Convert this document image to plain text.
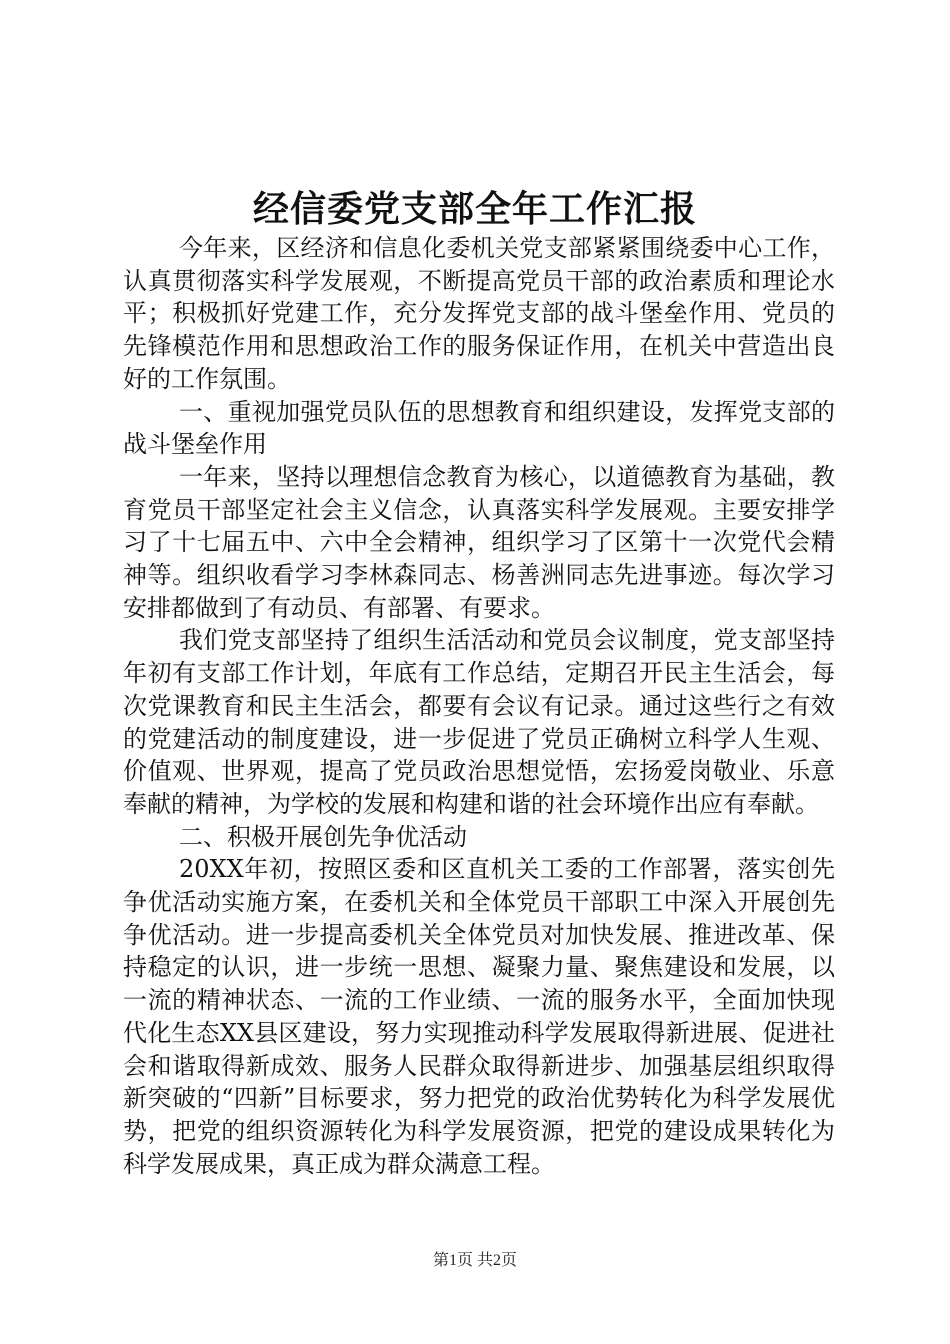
经信委党支部全年工作汇报

今年来，区经济和信息化委机关党支部紧紧围绕委中心工作，认真贯彻落实科学发展观，不断提高党员干部的政治素质和理论水平；积极抓好党建工作，充分发挥党支部的战斗堡垒作用、党员的先锋模范作用和思想政治工作的服务保证作用，在机关中营造出良好的工作氛围。

一、重视加强党员队伍的思想教育和组织建设，发挥党支部的战斗堡垒作用

一年来，坚持以理想信念教育为核心，以道德教育为基础，教育党员干部坚定社会主义信念，认真落实科学发展观。主要安排学习了十七届五中、六中全会精神，组织学习了区第十一次党代会精神等。组织收看学习李林森同志、杨善洲同志先进事迹。每次学习安排都做到了有动员、有部署、有要求。

我们党支部坚持了组织生活活动和党员会议制度，党支部坚持年初有支部工作计划，年底有工作总结，定期召开民主生活会，每次党课教育和民主生活会，都要有会议有记录。通过这些行之有效的党建活动的制度建设，进一步促进了党员正确树立科学人生观、价值观、世界观，提高了党员政治思想觉悟，宏扬爱岗敬业、乐意奉献的精神，为学校的发展和构建和谐的社会环境作出应有奉献。

二、积极开展创先争优活动

20XX年初，按照区委和区直机关工委的工作部署，落实创先争优活动实施方案，在委机关和全体党员干部职工中深入开展创先争优活动。进一步提高委机关全体党员对加快发展、推进改革、保持稳定的认识，进一步统一思想、凝聚力量、聚焦建设和发展，以一流的精神状态、一流的工作业绩、一流的服务水平，全面加快现代化生态XX县区建设，努力实现推动科学发展取得新进展、促进社会和谐取得新成效、服务人民群众取得新进步、加强基层组织取得新突破的“四新”目标要求，努力把党的政治优势转化为科学发展优势，把党的组织资源转化为科学发展资源，把党的建设成果转化为科学发展成果，真正成为群众满意工程。

第1页 共2页
